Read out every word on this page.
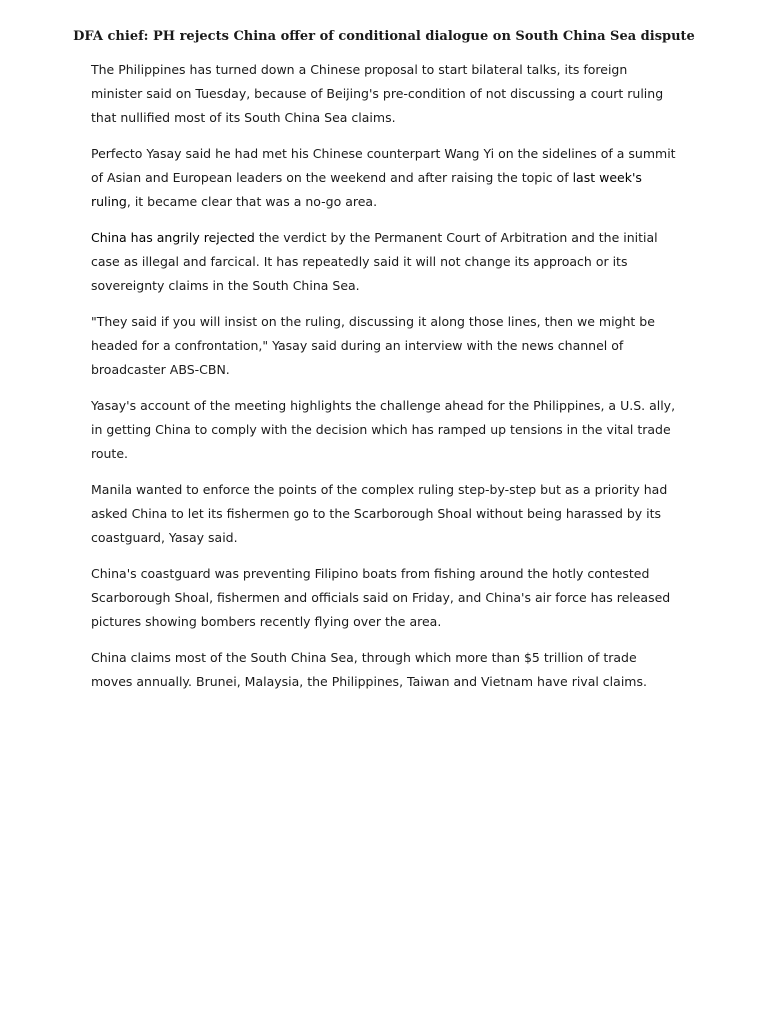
DFA chief: PH rejects China offer of conditional dialogue on South China Sea dispute

The Philippines has turned down a Chinese proposal to start bilateral talks, its foreign minister said on Tuesday, because of Beijing's pre-condition of not discussing a court ruling that nullified most of its South China Sea claims.

Perfecto Yasay said he had met his Chinese counterpart Wang Yi on the sidelines of a summit of Asian and European leaders on the weekend and after raising the topic of last week's ruling, it became clear that was a no-go area.

China has angrily rejected the verdict by the Permanent Court of Arbitration and the initial case as illegal and farcical. It has repeatedly said it will not change its approach or its sovereignty claims in the South China Sea.

"They said if you will insist on the ruling, discussing it along those lines, then we might be headed for a confrontation," Yasay said during an interview with the news channel of broadcaster ABS-CBN.

Yasay's account of the meeting highlights the challenge ahead for the Philippines, a U.S. ally, in getting China to comply with the decision which has ramped up tensions in the vital trade route.

Manila wanted to enforce the points of the complex ruling step-by-step but as a priority had asked China to let its fishermen go to the Scarborough Shoal without being harassed by its coastguard, Yasay said.

China's coastguard was preventing Filipino boats from fishing around the hotly contested Scarborough Shoal, fishermen and officials said on Friday, and China's air force has released pictures showing bombers recently flying over the area.

China claims most of the South China Sea, through which more than $5 trillion of trade moves annually. Brunei, Malaysia, the Philippines, Taiwan and Vietnam have rival claims.
